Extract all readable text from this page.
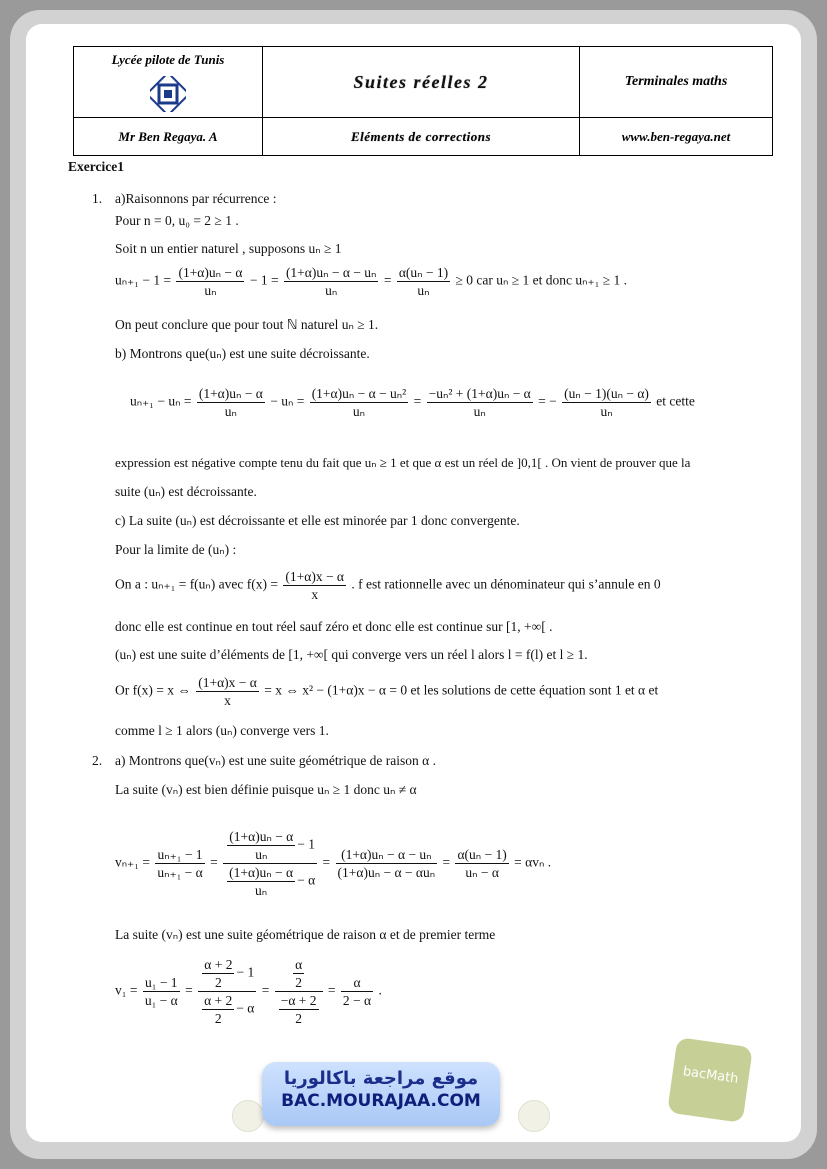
Lycée pilote de Tunis	Suites réelles 2	Terminales maths

Mr Ben Regaya. A	Eléments de corrections	www.ben-regaya.net
Exercice1
1. a)Raisonnons par récurrence :
Pour n = 0, u₀ = 2 ≥ 1 .
Soit n un entier naturel , supposons uₙ ≥ 1
$u_{n+1} - 1 = \frac{\text{(1+α)uₙ − α}}{\text{uₙ}} - 1 = \frac{\text{(1+α)uₙ − α − uₙ}}{\text{uₙ}} = \frac{\text{α(uₙ − 1)}}{\text{uₙ}} \ge 0$ car uₙ ≥ 1 et donc uₙ₊₁ ≥ 1 .
On peut conclure que pour tout ℕ naturel uₙ ≥ 1.
b) Montrons que(uₙ) est une suite décroissante.
$u_{n+1} - u_n = \frac{\text{(1+α)uₙ − α}}{\text{uₙ}} - u_n = \frac{\text{(1+α)uₙ − α − uₙ²}}{\text{uₙ}} = \frac{\text{−uₙ² + (1+α)uₙ − α}}{\text{uₙ}}$ = − $\frac{\text{(uₙ − 1)(uₙ − α)}}{\text{uₙ}}$ et cette
expression est négative compte tenu du fait que uₙ ≥ 1 et que α est un réel de ]0,1[ . On vient de prouver que la
suite (uₙ) est décroissante.
c) La suite (uₙ) est décroissante et elle est minorée par 1 donc convergente.
Pour la limite de (uₙ) :
On a : uₙ₊₁ = f(uₙ) avec $f(x) = \frac{(1+\alpha)x - \alpha}{x}$ . f est rationnelle avec un dénominateur qui s’annule en 0
donc elle est continue en tout réel sauf zéro et donc elle est continue sur [1, +∞[ .
(uₙ) est une suite d’éléments de [1, +∞[ qui converge vers un réel l alors l = f(l) et l ≥ 1.
Or f(x) = x ⇔ $\frac{(1+\alpha)x - \alpha}{x} = x$ ⇔ x² − (1+α)x − α = 0 et les solutions de cette équation sont 1 et α et
comme l ≥ 1 alors (uₙ) converge vers 1.
2. a) Montrons que(vₙ) est une suite géométrique de raison α .
La suite (vₙ) est bien définie puisque uₙ ≥ 1 donc uₙ ≠ α
$v_{n+1} = \frac{\text{uₙ₊₁ − 1}}{\text{uₙ₊₁ − α}} = \frac{\text{(1+α)uₙ − α}}{\text{uₙ}} - 1$
$\frac{\text{(1+α)uₙ − α}}{\text{uₙ}} - \alpha$
=
(1+α)uₙ − α − uₙ
(1+α)uₙ − α − αuₙ
= $\frac{\text{α(uₙ − 1)}}{\text{uₙ − α}} = \alpha v_n$ .
La suite (vₙ) est une suite géométrique de raison α et de premier terme
$v_1 = \frac{\text{u₁ − 1}}{\text{u₁ − α}} = \frac{\frac{\alpha + 2}{2} - 1}{\frac{\alpha + 2}{2} - \alpha} = \frac{\frac{\alpha}{2}}{\frac{-\alpha + 2}{2}} = \frac{\alpha}{2 - \alpha}$ .
موقع مراجعة باكالوريا
BAC.MOURAJAA.COM
bacMath
